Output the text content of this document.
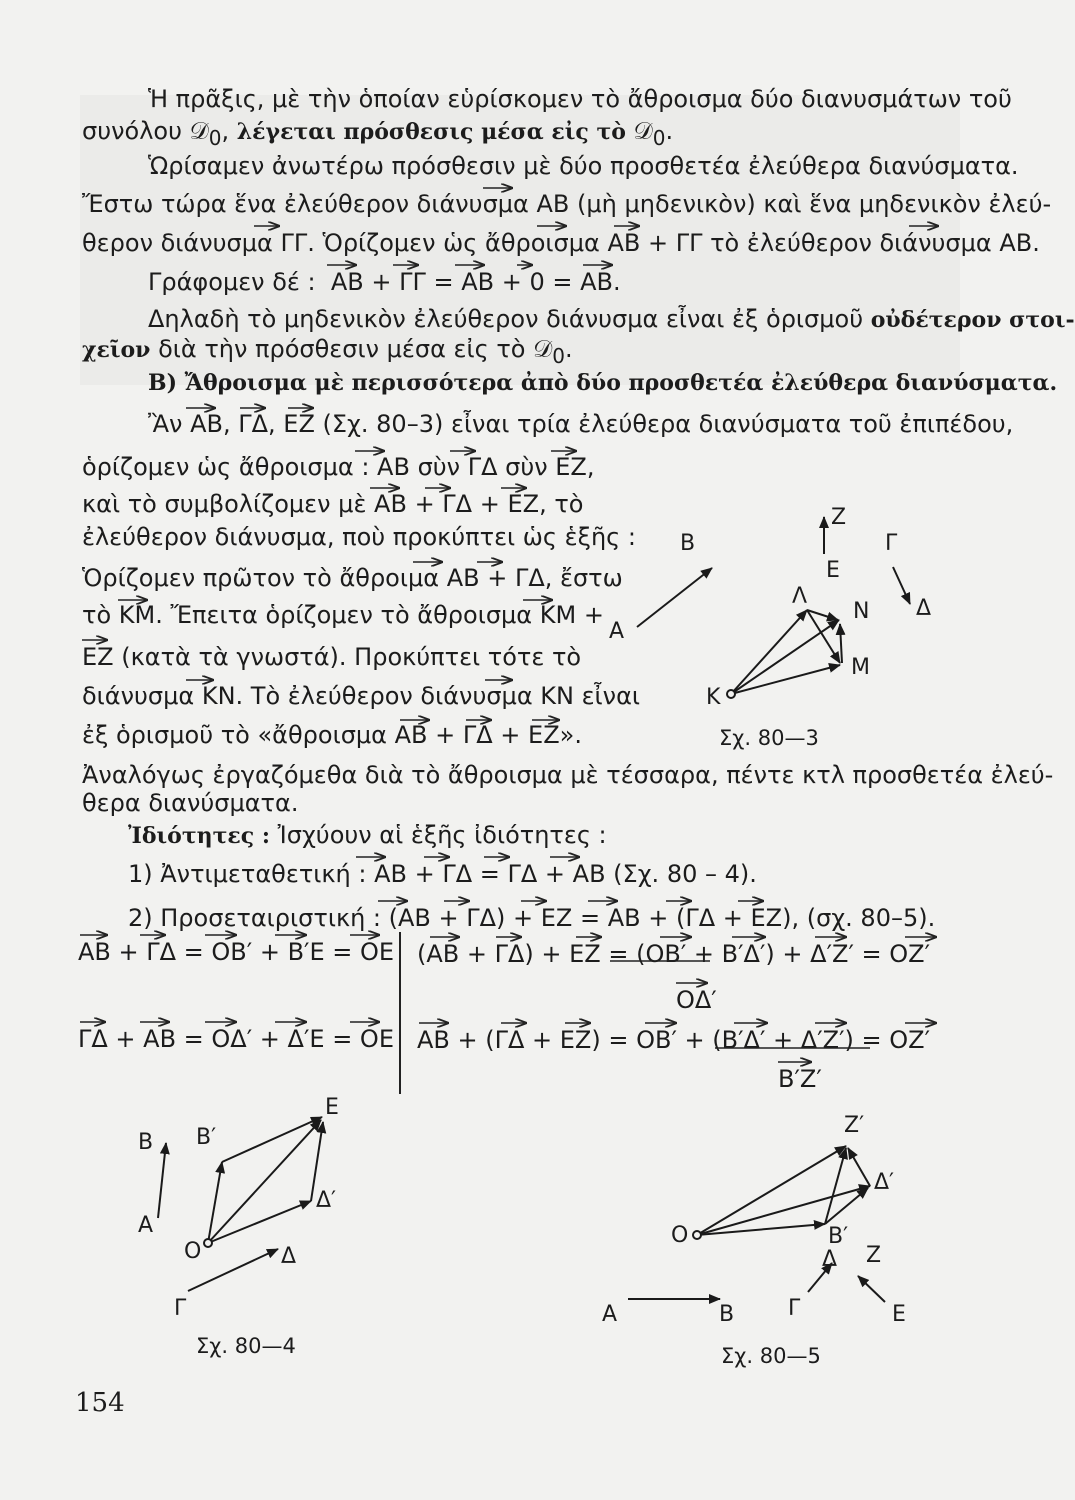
Ἡ πρᾶξις, μὲ τὴν ὁποίαν εὑρίσκομεν τὸ ἄθροισμα δύο διανυσμάτων τοῦ
συνόλου 𝒟$_0$, λέγεται πρόσθεσις μέσα εἰς τὸ 𝒟$_0$.
Ὡρίσαμεν ἀνωτέρω πρόσθεσιν μὲ δύο προσθετέα ἐλεύθερα διανύσματα.
Ἔστω τώρα ἕνα ἐλεύθερον διάνυσμα AB (μὴ μηδενικὸν) καὶ ἕνα μηδενικὸν ἐλεύ-
θερον διάνυσμα ΓΓ. Ὁρίζομεν ὡς ἄθροισμα AB + ΓΓ τὸ ἐλεύθερον διάνυσμα AB.
Γράφομεν δέ :  AB + ΓΓ = AB + 0 = AB.
Δηλαδὴ τὸ μηδενικὸν ἐλεύθερον διάνυσμα εἶναι ἐξ ὁρισμοῦ οὐδέτερον στοι-
χεῖον διὰ τὴν πρόσθεσιν μέσα εἰς τὸ 𝒟$_0$.
B) Ἄθροισμα μὲ περισσότερα ἀπὸ δύο προσθετέα ἐλεύθερα διανύσματα.
Ἂν AB, ΓΔ, EZ (Σχ. 80–3) εἶναι τρία ἐλεύθερα διανύσματα τοῦ ἐπιπέδου,
ὁρίζομεν ὡς ἄθροισμα : AB σὺν ΓΔ σὺν EZ,
καὶ τὸ συμβολίζομεν μὲ AB + ΓΔ + EZ, τὸ
ἐλεύθερον διάνυσμα, ποὺ προκύπτει ὡς ἑξῆς :
Ὁρίζομεν πρῶτον τὸ ἄθροιμα AB + ΓΔ, ἔστω
τὸ KM. Ἔπειτα ὁρίζομεν τὸ ἄθροισμα KM +
EZ (κατὰ τὰ γνωστά). Προκύπτει τότε τὸ
διάνυσμα KN. Τὸ ἐλεύθερον διάνυσμα KN εἶναι
ἐξ ὁρισμοῦ τὸ «ἄθροισμα AB + ΓΔ + EZ».
Ἀναλόγως ἐργαζόμεθα διὰ τὸ ἄθροισμα μὲ τέσσαρα, πέντε κτλ προσθετέα ἐλεύ-
θερα διανύσματα.
Ἰδιότητες : Ἰσχύουν αἱ ἑξῆς ἰδιότητες :
1) Ἀντιμεταθετική : AB + ΓΔ = ΓΔ + AB (Σχ. 80 – 4).
2) Προσεταιριστική : (AB + ΓΔ) + EZ = AB + (ΓΔ + EZ), (σχ. 80–5).
AB + ΓΔ = OB′ + B′E = OE
ΓΔ + AB = OΔ′ + Δ′E = OE
(AB + ΓΔ) + EZ = (OB′ + B′Δ′) + Δ′Z′ = OZ′
OΔ′
AB + (ΓΔ + EZ) = OB′ + (B′Δ′ + Δ′Z′) = OZ′
B′Z′
A
B
Z
E
Γ
Δ
Λ
N
M
K
Σχ. 80—3
B
A
B′
E
Δ′
O	Δ
Γ
Σχ. 80—4
Z′
Δ′
B′
O
Δ Z
A	B Γ	E
Σχ. 80—5
154
